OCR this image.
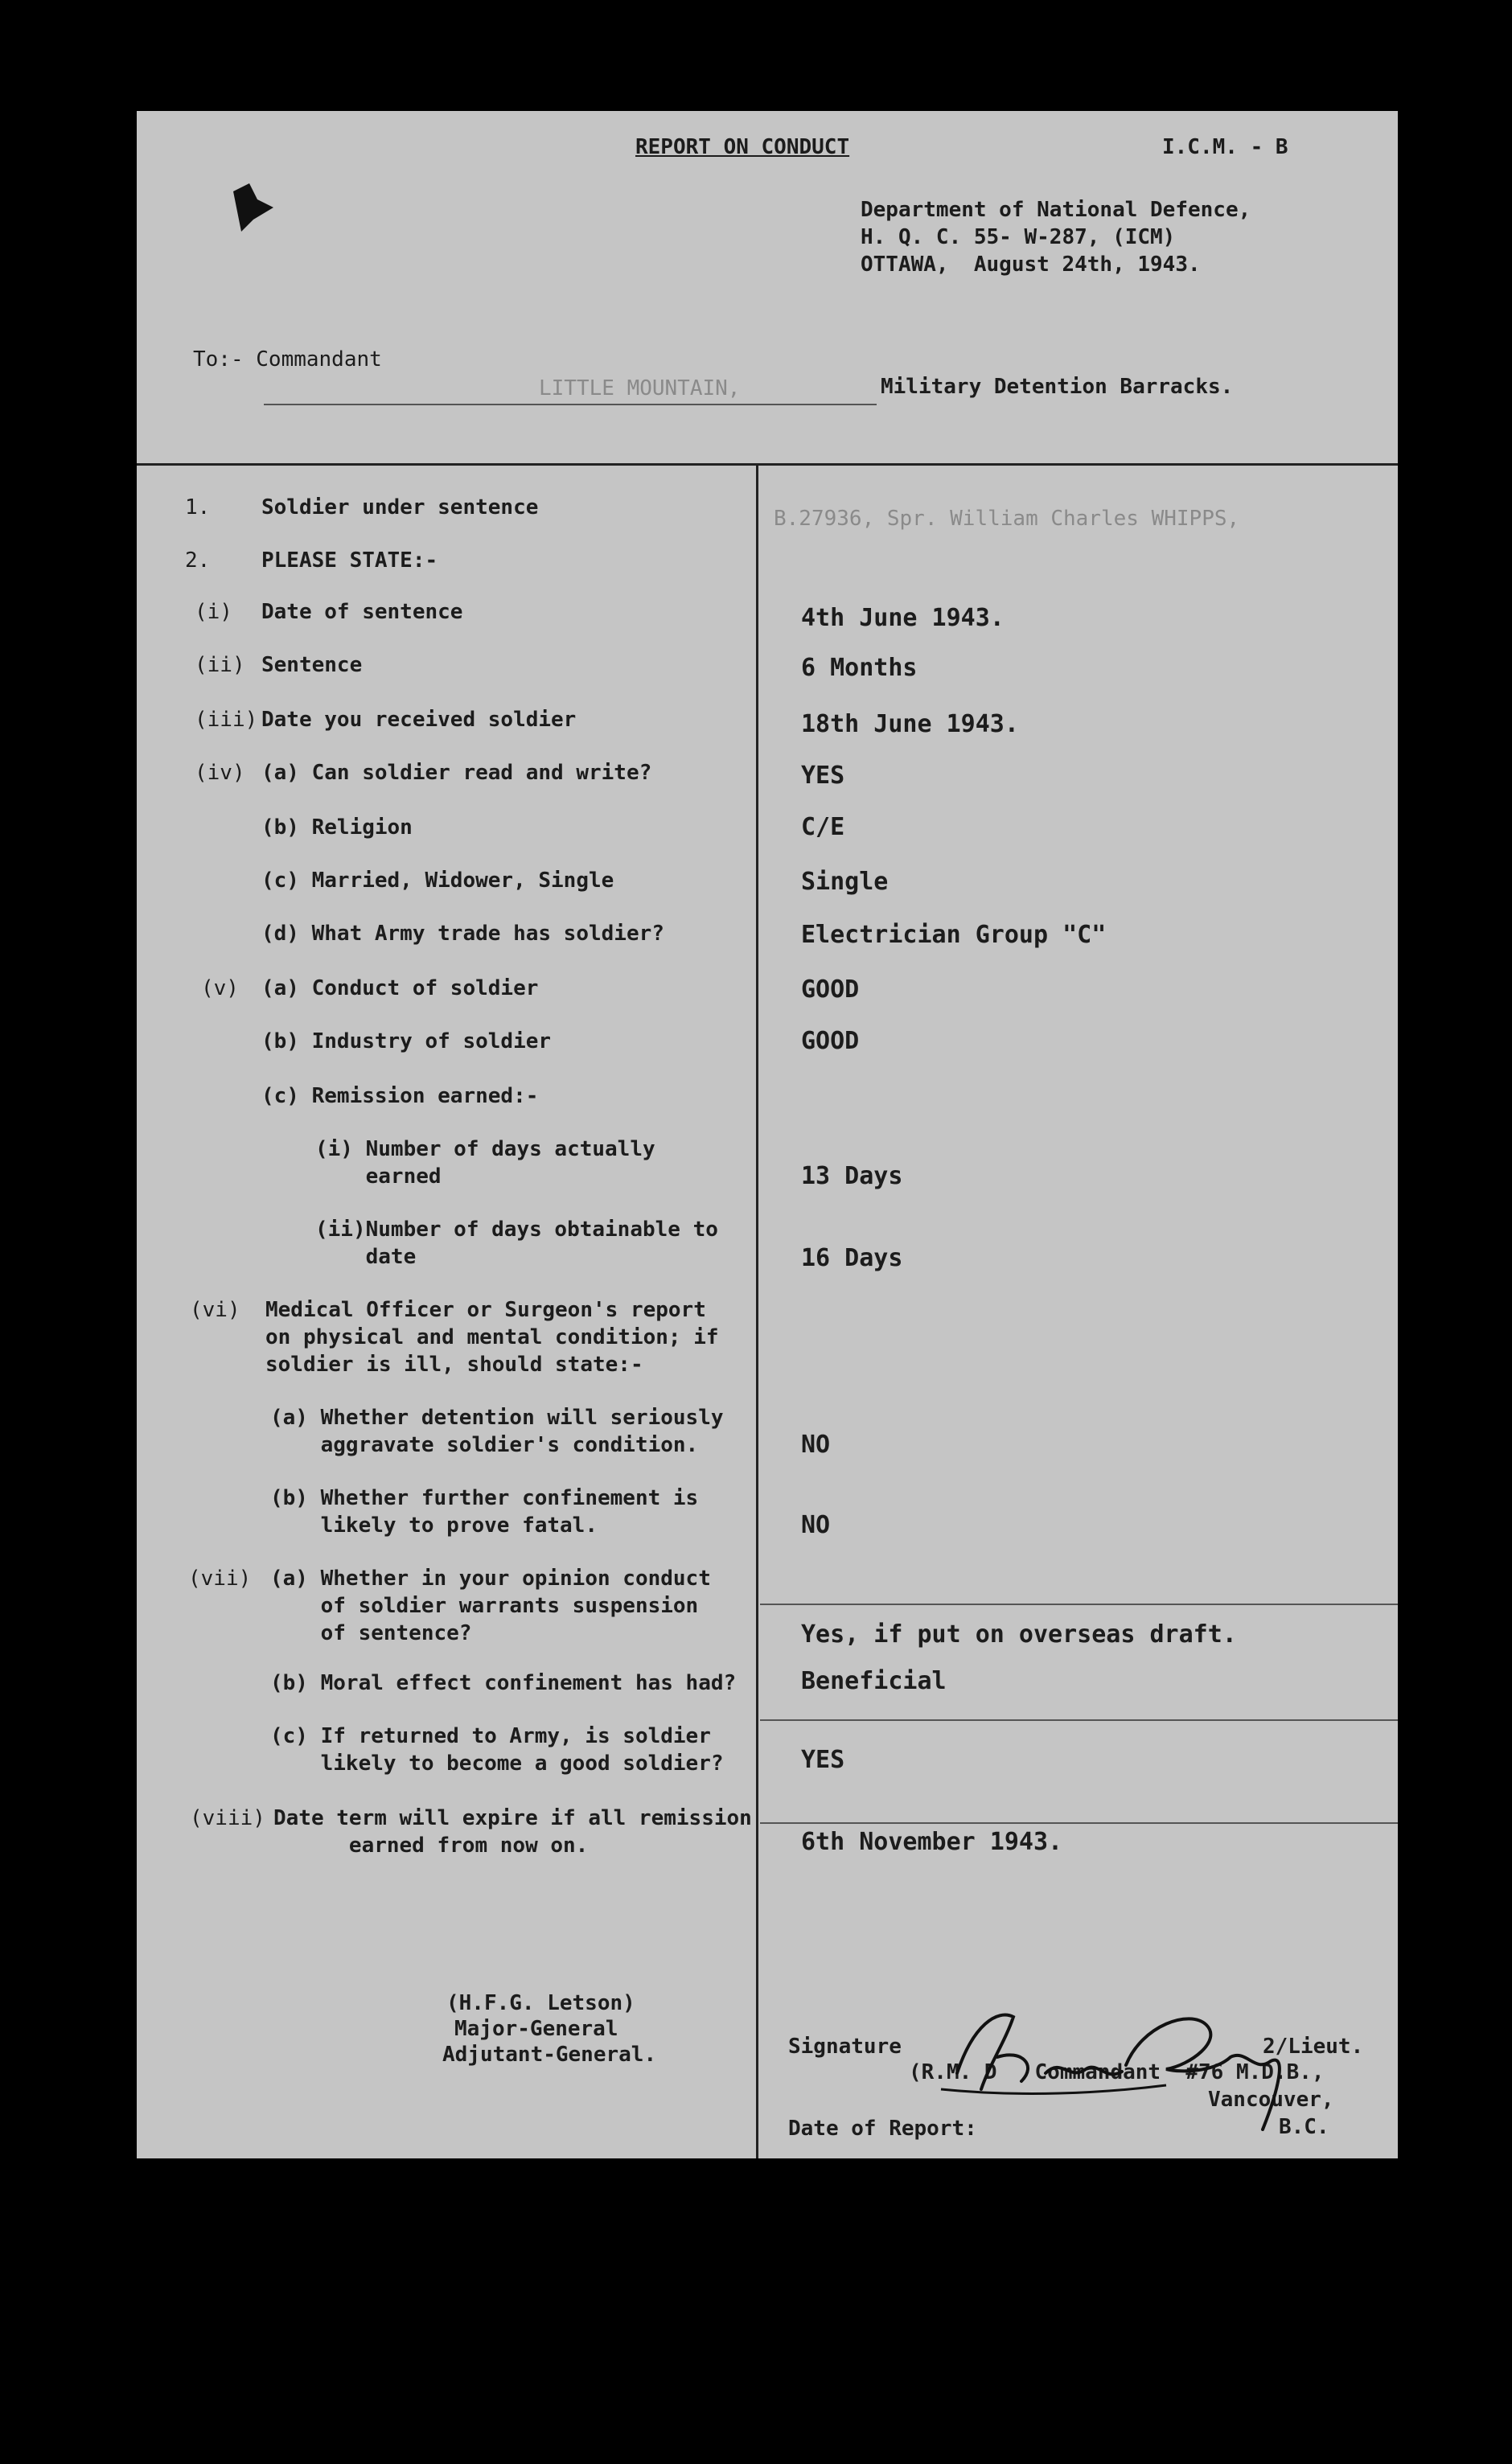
REPORT ON CONDUCT	I.C.M. - B
Department of National Defence,
H. Q. C. 55- W-287, (ICM)
OTTAWA,  August 24th, 1943.
To:- Commandant
LITTLE MOUNTAIN,	Military Detention Barracks.
1. Soldier under sentence	B.27936, Spr. William Charles WHIPPS,
2. PLEASE STATE:-
(i) Date of sentence	4th June 1943.
(ii) Sentence	6 Months
(iii) Date you received soldier	18th June 1943.
(iv) (a) Can soldier read and write?	YES
(b) Religion	C/E
(c) Married, Widower, Single	Single
(d) What Army trade has soldier?	Electrician Group "C"
(v) (a) Conduct of soldier	GOOD
(b) Industry of soldier	GOOD
(c) Remission earned:-
(i) Number of days actually
earned	13 Days
(ii)Number of days obtainable to
date	16 Days
(vi) Medical Officer or Surgeon's report
on physical and mental condition; if
soldier is ill, should state:-
(a) Whether detention will seriously
aggravate soldier's condition.	NO
(b) Whether further confinement is
likely to prove fatal.	NO
(vii) (a) Whether in your opinion conduct
of soldier warrants suspension
of sentence?	Yes, if put on overseas draft.
(b) Moral effect confinement has had?	Beneficial
(c) If returned to Army, is soldier
likely to become a good soldier?	YES
(viii) Date term will expire if all remission
earned from now on.	6th November 1943.
(H.F.G. Letson)
Major-General
Adjutant-General.	Signature	2/Lieut.
(R.M. D   Commandant  #76 M.D.B.,
Vancouver,
B.C.
Date of Report:
